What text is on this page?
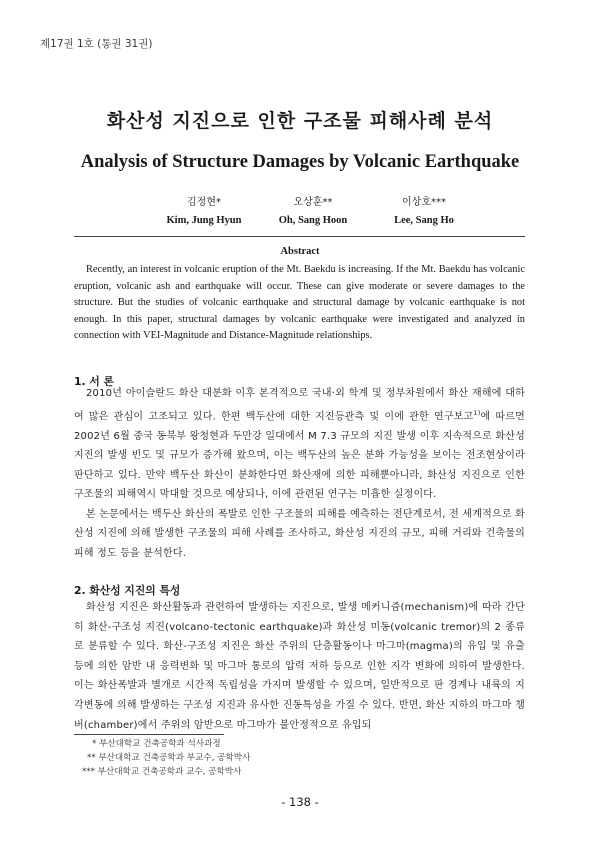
제17권 1호 (통권 31권)
화산성 지진으로 인한 구조물 피해사례 분석
Analysis of Structure Damages by Volcanic Earthquake
김정현*
Kim, Jung Hyun
오상훈**
Oh, Sang Hoon
이상호***
Lee, Sang Ho
Abstract
Recently, an interest in volcanic eruption of the Mt. Baekdu is increasing. If the Mt. Baekdu has volcanic eruption, volcanic ash and earthquake will occur. These can give moderate or severe damages to the structure. But the studies of volcanic earthquake and structural damage by volcanic earthquake is not enough. In this paper, structural damages by volcanic earthquake were investigated and analyzed in connection with VEI-Magnitude and Distance-Magnitude relationships.
1. 서 론

2010년 아이슬란드 화산 대분화 이후 본격적으로 국내·외 학계 및 정부차원에서 화산 재해에 대하여 많은 관심이 고조되고 있다. 한편 백두산에 대한 지진등관측 및 이에 관한 연구보고$^{1)}$에 따르면 2002년 6월 중국 동북부 왕청현과 두만강 일대에서 M 7.3 규모의 지진 발생 이후 지속적으로 화산성 지진의 발생 빈도 및 규모가 증가해 왔으며, 이는 백두산의 높은 분화 가능성을 보이는 전조현상이라 판단하고 있다. 만약 백두산 화산이 분화한다면 화산재에 의한 피해뿐아니라, 화산성 지진으로 인한 구조물의 피해역시 막대할 것으로 예상되나, 이에 관련된 연구는 미흡한 실정이다.

본 논문에서는 백두산 화산의 폭발로 인한 구조물의 피해를 예측하는 전단계로서, 전 세계적으로 화산성 지진에 의해 발생한 구조물의 피해 사례를 조사하고, 화산성 지진의 규모, 피해 거리와 건축물의 피해 정도 등을 분석한다.

2. 화산성 지진의 특성

화산성 지진은 화산활동과 관련하여 발생하는 지진으로, 발생 메커니즘(mechanism)에 따라 간단히 화산-구조성 지진(volcano-tectonic earthquake)과 화산성 미동(volcanic tremor)의 2 종류로 분류할 수 있다. 화산-구조성 지진은 화산 주위의 단층활동이나 마그마(magma)의 유입 및 유출 등에 의한 암반 내 응력변화 및 마그마 통로의 압력 저하 등으로 인한 지각 변화에 의하여 발생한다. 이는 화산폭발과 별개로 시간적 독립성을 가지며 발생할 수 있으며, 일반적으로 판 경계나 내륙의 지각변동에 의해 발생하는 구조성 지진과 유사한 진동특성을 가질 수 있다. 반면, 화산 지하의 마그마 챔버(chamber)에서 주위의 암반으로 마그마가 불안정적으로 유입되

* 부산대학교 건축공학과 석사과정
** 부산대학교 건축공학과 부교수, 공학박사
*** 부산대학교 건축공학과 교수, 공학박사
- 138 -
